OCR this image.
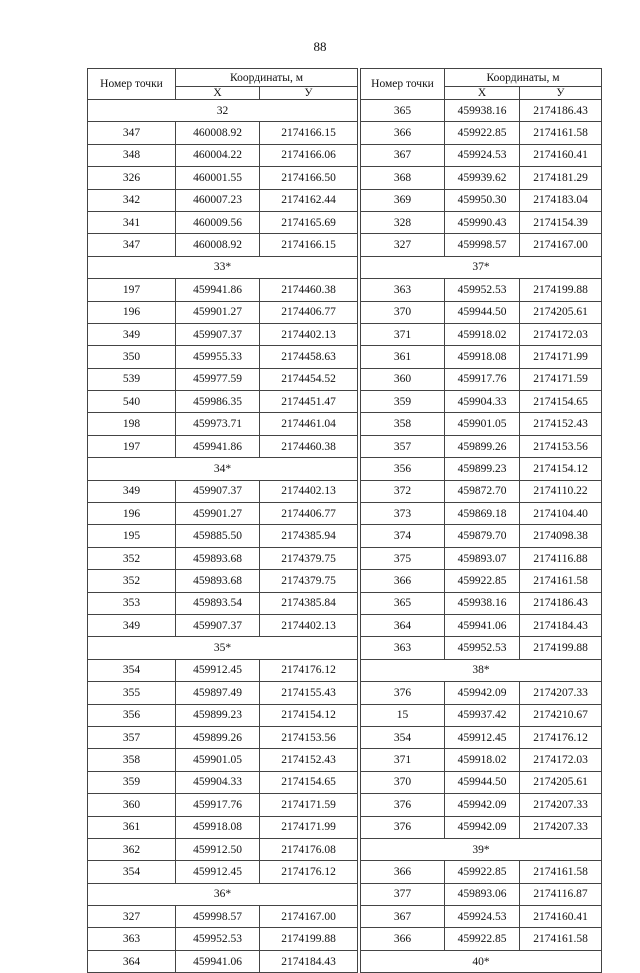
88
Номер точки	Координаты, м	
	Х	У
32		
347	460008.92	2174166.15
348	460004.22	2174166.06
326	460001.55	2174166.50
342	460007.23	2174162.44
341	460009.56	2174165.69
347	460008.92	2174166.15
33*		
197	459941.86	2174460.38
196	459901.27	2174406.77
349	459907.37	2174402.13
350	459955.33	2174458.63
539	459977.59	2174454.52
540	459986.35	2174451.47
198	459973.71	2174461.04
197	459941.86	2174460.38
34*		
349	459907.37	2174402.13
196	459901.27	2174406.77
195	459885.50	2174385.94
352	459893.68	2174379.75
352	459893.68	2174379.75
353	459893.54	2174385.84
349	459907.37	2174402.13
35*		
354	459912.45	2174176.12
355	459897.49	2174155.43
356	459899.23	2174154.12
357	459899.26	2174153.56
358	459901.05	2174152.43
359	459904.33	2174154.65
360	459917.76	2174171.59
361	459918.08	2174171.99
362	459912.50	2174176.08
354	459912.45	2174176.12
36*		
327	459998.57	2174167.00
363	459952.53	2174199.88
364	459941.06	2174184.43
Номер точки	Координаты, м	
	Х	У
365	459938.16	2174186.43
366	459922.85	2174161.58
367	459924.53	2174160.41
368	459939.62	2174181.29
369	459950.30	2174183.04
328	459990.43	2174154.39
327	459998.57	2174167.00
37*		
363	459952.53	2174199.88
370	459944.50	2174205.61
371	459918.02	2174172.03
361	459918.08	2174171.99
360	459917.76	2174171.59
359	459904.33	2174154.65
358	459901.05	2174152.43
357	459899.26	2174153.56
356	459899.23	2174154.12
372	459872.70	2174110.22
373	459869.18	2174104.40
374	459879.70	2174098.38
375	459893.07	2174116.88
366	459922.85	2174161.58
365	459938.16	2174186.43
364	459941.06	2174184.43
363	459952.53	2174199.88
38*		
376	459942.09	2174207.33
15	459937.42	2174210.67
354	459912.45	2174176.12
371	459918.02	2174172.03
370	459944.50	2174205.61
376	459942.09	2174207.33
376	459942.09	2174207.33
39*		
366	459922.85	2174161.58
377	459893.06	2174116.87
367	459924.53	2174160.41
366	459922.85	2174161.58
40*		
